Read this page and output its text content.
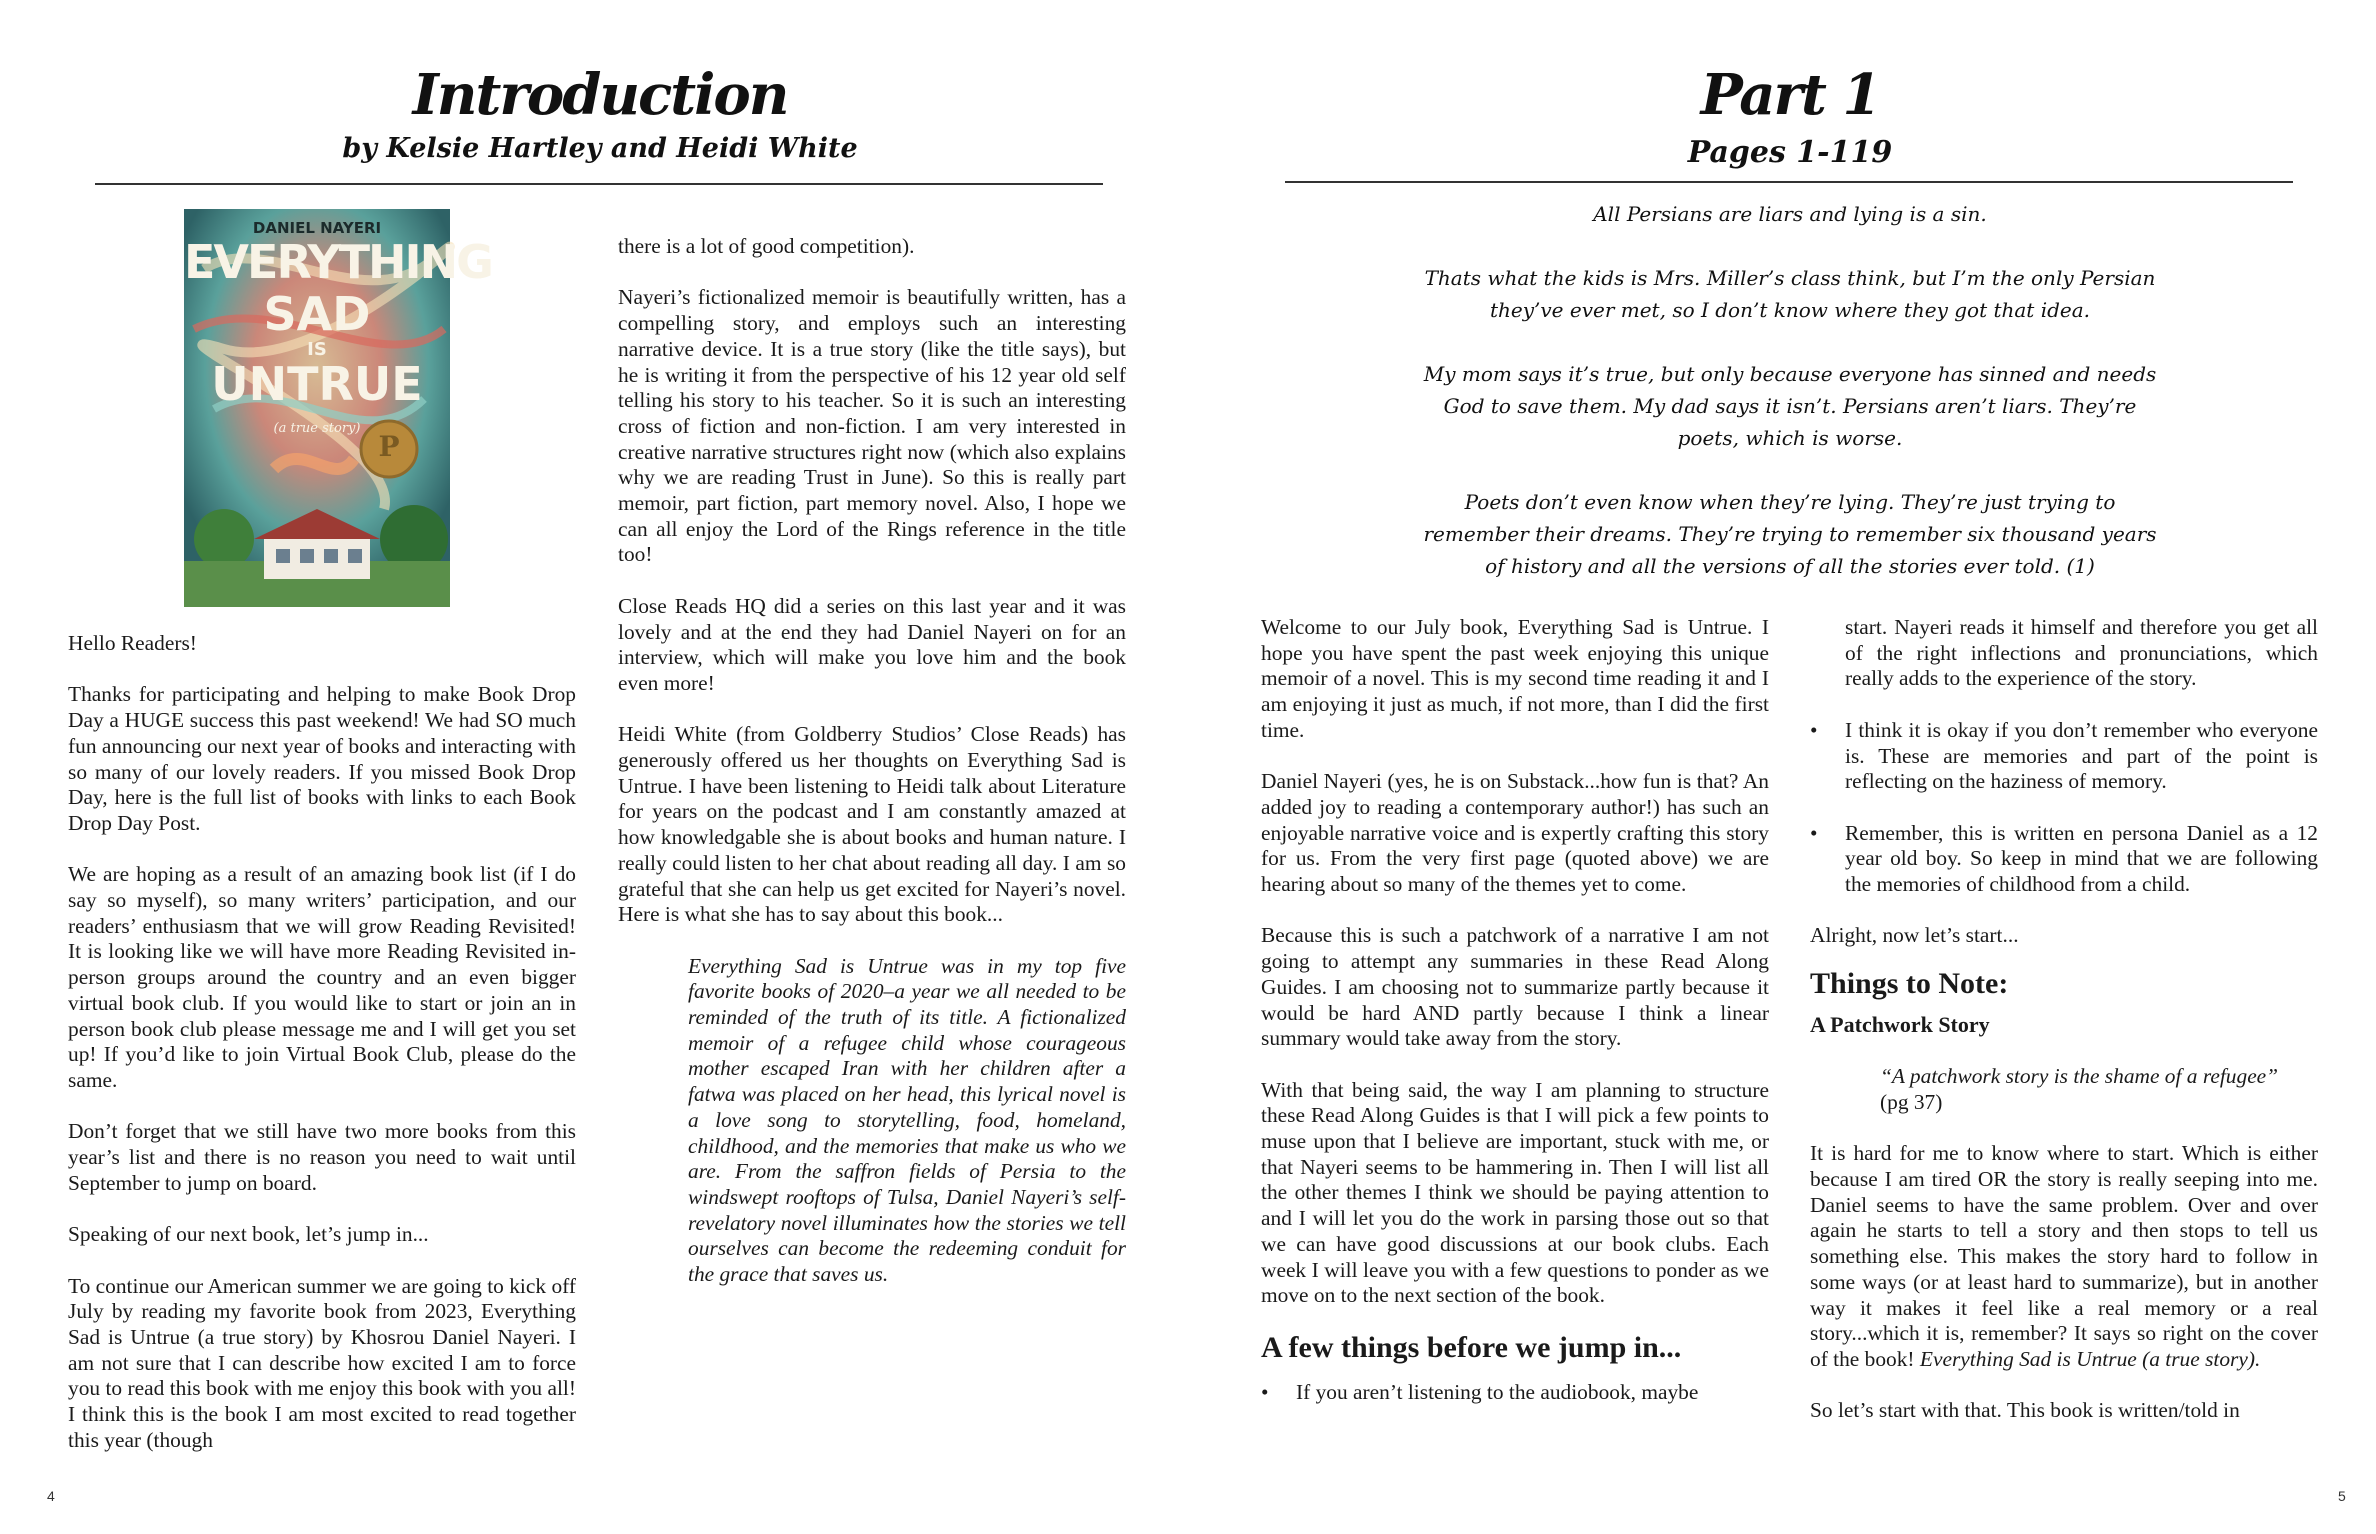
Introduction
by Kelsie Hartley and Heidi White
DANIEL NAYERI
EVERYTHING
SAD
IS
UNTRUE
(a true story)
P

Hello Readers!

Thanks for participating and helping to make Book Drop Day a HUGE success this past weekend! We had SO much fun announcing our next year of books and interacting with so many of our lovely readers. If you missed Book Drop Day, here is the full list of books with links to each Book Drop Day Post.

We are hoping as a result of an amazing book list (if I do say so myself), so many writers’ participation, and our readers’ enthusiasm that we will grow Reading Revisited! It is looking like we will have more Reading Revisited in-person groups around the country and an even bigger virtual book club. If you would like to start or join an in person book club please message me and I will get you set up! If you’d like to join Virtual Book Club, please do the same.

Don’t forget that we still have two more books from this year’s list and there is no reason you need to wait until September to jump on board.

Speaking of our next book, let’s jump in...

To continue our American summer we are going to kick off July by reading my favorite book from 2023, Everything Sad is Untrue (a true story) by Khosrou Daniel Nayeri. I am not sure that I can describe how excited I am to force you to read this book with me enjoy this book with you all! I think this is the book I am most excited to read together this year (though

there is a lot of good competition).

Nayeri’s fictionalized memoir is beautifully written, has a compelling story, and employs such an interesting narrative device. It is a true story (like the title says), but he is writing it from the perspective of his 12 year old self telling his story to his teacher. So it is such an interesting cross of fiction and non-fiction. I am very interested in creative narrative structures right now (which also explains why we are reading Trust in June). So this is really part memoir, part fiction, part memory novel. Also, I hope we can all enjoy the Lord of the Rings reference in the title too!

Close Reads HQ did a series on this last year and it was lovely and at the end they had Daniel Nayeri on for an interview, which will make you love him and the book even more!

Heidi White (from Goldberry Studios’ Close Reads) has generously offered us her thoughts on Everything Sad is Untrue. I have been listening to Heidi talk about Literature for years on the podcast and I am constantly amazed at how knowledgable she is about books and human nature. I really could listen to her chat about reading all day. I am so grateful that she can help us get excited for Nayeri’s novel. Here is what she has to say about this book...

Everything Sad is Untrue was in my top five favorite books of 2020–a year we all needed to be reminded of the truth of its title. A fictionalized memoir of a refugee child whose courageous mother escaped Iran with her children after a fatwa was placed on her head, this lyrical novel is a love song to storytelling, food, homeland, childhood, and the memories that make us who we are. From the saffron fields of Persia to the windswept rooftops of Tulsa, Daniel Nayeri’s self-revelatory novel illuminates how the stories we tell ourselves can become the redeeming conduit for the grace that saves us.
4
Part 1
Pages 1-119

All Persians are liars and lying is a sin.

Thats what the kids is Mrs. Miller’s class think, but I’m the only Persian they’ve ever met, so I don’t know where they got that idea.

My mom says it’s true, but only because everyone has sinned and needs God to save them. My dad says it isn’t. Persians aren’t liars. They’re poets, which is worse.

Poets don’t even know when they’re lying. They’re just trying to remember their dreams. They’re trying to remember six thousand years of history and all the versions of all the stories ever told. (1)

Welcome to our July book, Everything Sad is Untrue. I hope you have spent the past week enjoying this unique memoir of a novel. This is my second time reading it and I am enjoying it just as much, if not more, than I did the first time.

Daniel Nayeri (yes, he is on Substack...how fun is that? An added joy to reading a contemporary author!) has such an enjoyable narrative voice and is expertly crafting this story for us. From the very first page (quoted above) we are hearing about so many of the themes yet to come.

Because this is such a patchwork of a narrative I am not going to attempt any summaries in these Read Along Guides. I am choosing not to summarize partly because it would be hard AND partly because I think a linear summary would take away from the story.

With that being said, the way I am planning to structure these Read Along Guides is that I will pick a few points to muse upon that I believe are important, stuck with me, or that Nayeri seems to be hammering in. Then I will list all the other themes I think we should be paying attention to and I will let you do the work in parsing those out so that we can have good discussions at our book clubs. Each week I will leave you with a few questions to ponder as we move on to the next section of the book.

A few things before we jump in...
• If you aren’t listening to the audiobook, maybe

start. Nayeri reads it himself and therefore you get all of the right inflections and pronunciations, which really adds to the experience of the story.

• I think it is okay if you don’t remember who everyone is. These are memories and part of the point is reflecting on the haziness of memory.
• Remember, this is written en persona Daniel as a 12 year old boy. So keep in mind that we are following the memories of childhood from a child.

Alright, now let’s start...

Things to Note:
A Patchwork Story
“A patchwork story is the shame of a refugee”
(pg 37)

It is hard for me to know where to start. Which is either because I am tired OR the story is really seeping into me. Daniel seems to have the same problem. Over and over again he starts to tell a story and then stops to tell us something else. This makes the story hard to follow in some ways (or at least hard to summarize), but in another way it makes it feel like a real memory or a real story...which it is, remember? It says so right on the cover of the book! Everything Sad is Untrue (a true story).

So let’s start with that. This book is written/told in

5
